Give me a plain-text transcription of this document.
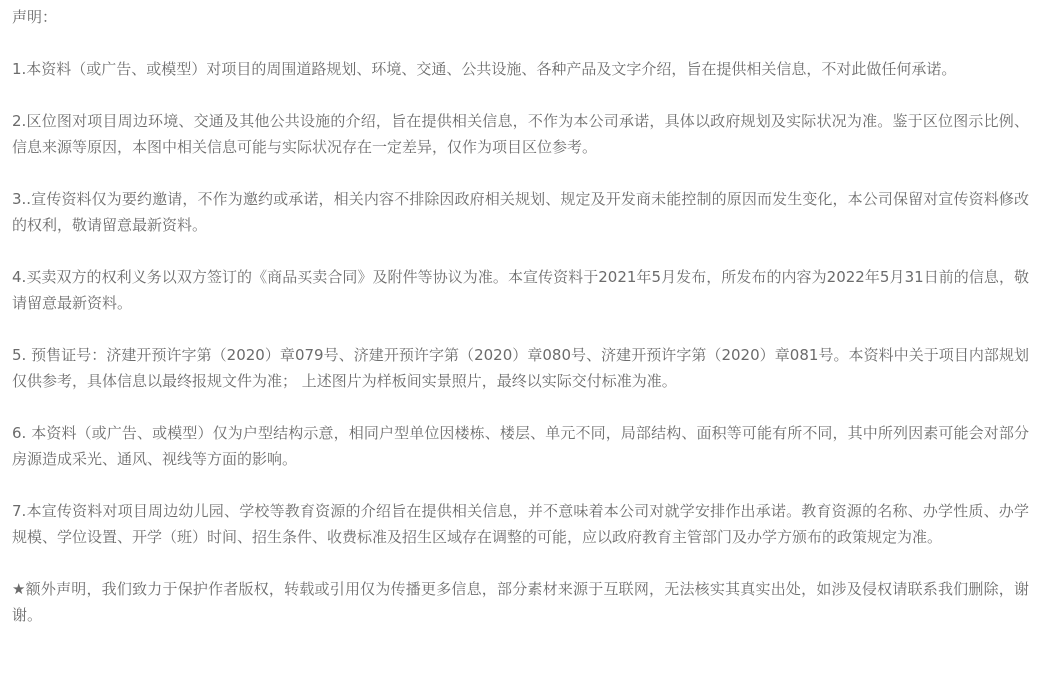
声明：

1.本资料（或广告、或模型）对项目的周围道路规划、环境、交通、公共设施、各种产品及文字介绍，旨在提供相关信息，不对此做任何承诺。

2.区位图对项目周边环境、交通及其他公共设施的介绍，旨在提供相关信息，不作为本公司承诺，具体以政府规划及实际状况为准。鉴于区位图示比例、信息来源等原因，本图中相关信息可能与实际状况存在一定差异，仅作为项目区位参考。

3..宣传资料仅为要约邀请，不作为邀约或承诺，相关内容不排除因政府相关规划、规定及开发商未能控制的原因而发生变化，本公司保留对宣传资料修改的权利，敬请留意最新资料。

4.买卖双方的权利义务以双方签订的《商品买卖合同》及附件等协议为准。本宣传资料于2021年5月发布，所发布的内容为2022年5月31日前的信息，敬请留意最新资料。

5. 预售证号：济建开预许字第（2020）章079号、济建开预许字第（2020）章080号、济建开预许字第（2020）章081号。本资料中关于项目内部规划仅供参考，具体信息以最终报规文件为准； 上述图片为样板间实景照片，最终以实际交付标准为准。

6. 本资料（或广告、或模型）仅为户型结构示意，相同户型单位因楼栋、楼层、单元不同，局部结构、面积等可能有所不同，其中所列因素可能会对部分房源造成采光、通风、视线等方面的影响。

7.本宣传资料对项目周边幼儿园、学校等教育资源的介绍旨在提供相关信息，并不意味着本公司对就学安排作出承诺。教育资源的名称、办学性质、办学规模、学位设置、开学（班）时间、招生条件、收费标准及招生区域存在调整的可能，应以政府教育主管部门及办学方颁布的政策规定为准。

★额外声明，我们致力于保护作者版权，转载或引用仅为传播更多信息，部分素材来源于互联网，无法核实其真实出处，如涉及侵权请联系我们删除，谢谢。
